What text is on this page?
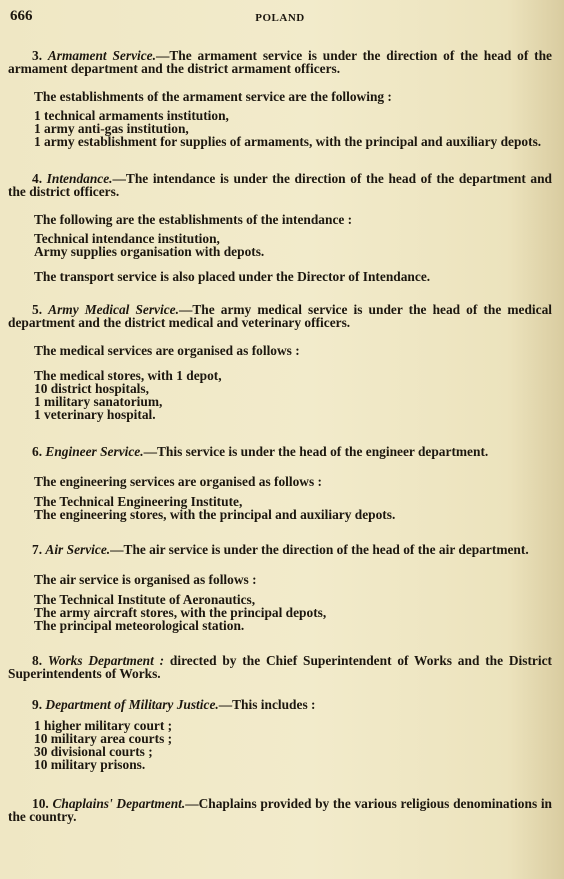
666	POLAND

3. Armament Service.—The armament service is under the direction of the head of the armament department and the district armament officers.

The establishments of the armament service are the following :

1 technical armaments institution,
1 army anti-gas institution,
1 army establishment for supplies of armaments, with the principal and auxiliary depots.

4. Intendance.—The intendance is under the direction of the head of the department and the district officers.

The following are the establishments of the intendance :

Technical intendance institution,
Army supplies organisation with depots.

The transport service is also placed under the Director of Intendance.

5. Army Medical Service.—The army medical service is under the head of the medical department and the district medical and veterinary officers.

The medical services are organised as follows :

The medical stores, with 1 depot,
10 district hospitals,
1 military sanatorium,
1 veterinary hospital.

6. Engineer Service.—This service is under the head of the engineer department.

The engineering services are organised as follows :

The Technical Engineering Institute,
The engineering stores, with the principal and auxiliary depots.

7. Air Service.—The air service is under the direction of the head of the air department.

The air service is organised as follows :

The Technical Institute of Aeronautics,
The army aircraft stores, with the principal depots,
The principal meteorological station.

8. Works Department : directed by the Chief Superintendent of Works and the District Superintendents of Works.

9. Department of Military Justice.—This includes :

1 higher military court ;
10 military area courts ;
30 divisional courts ;
10 military prisons.

10. Chaplains' Department.—Chaplains provided by the various religious denominations in the country.
